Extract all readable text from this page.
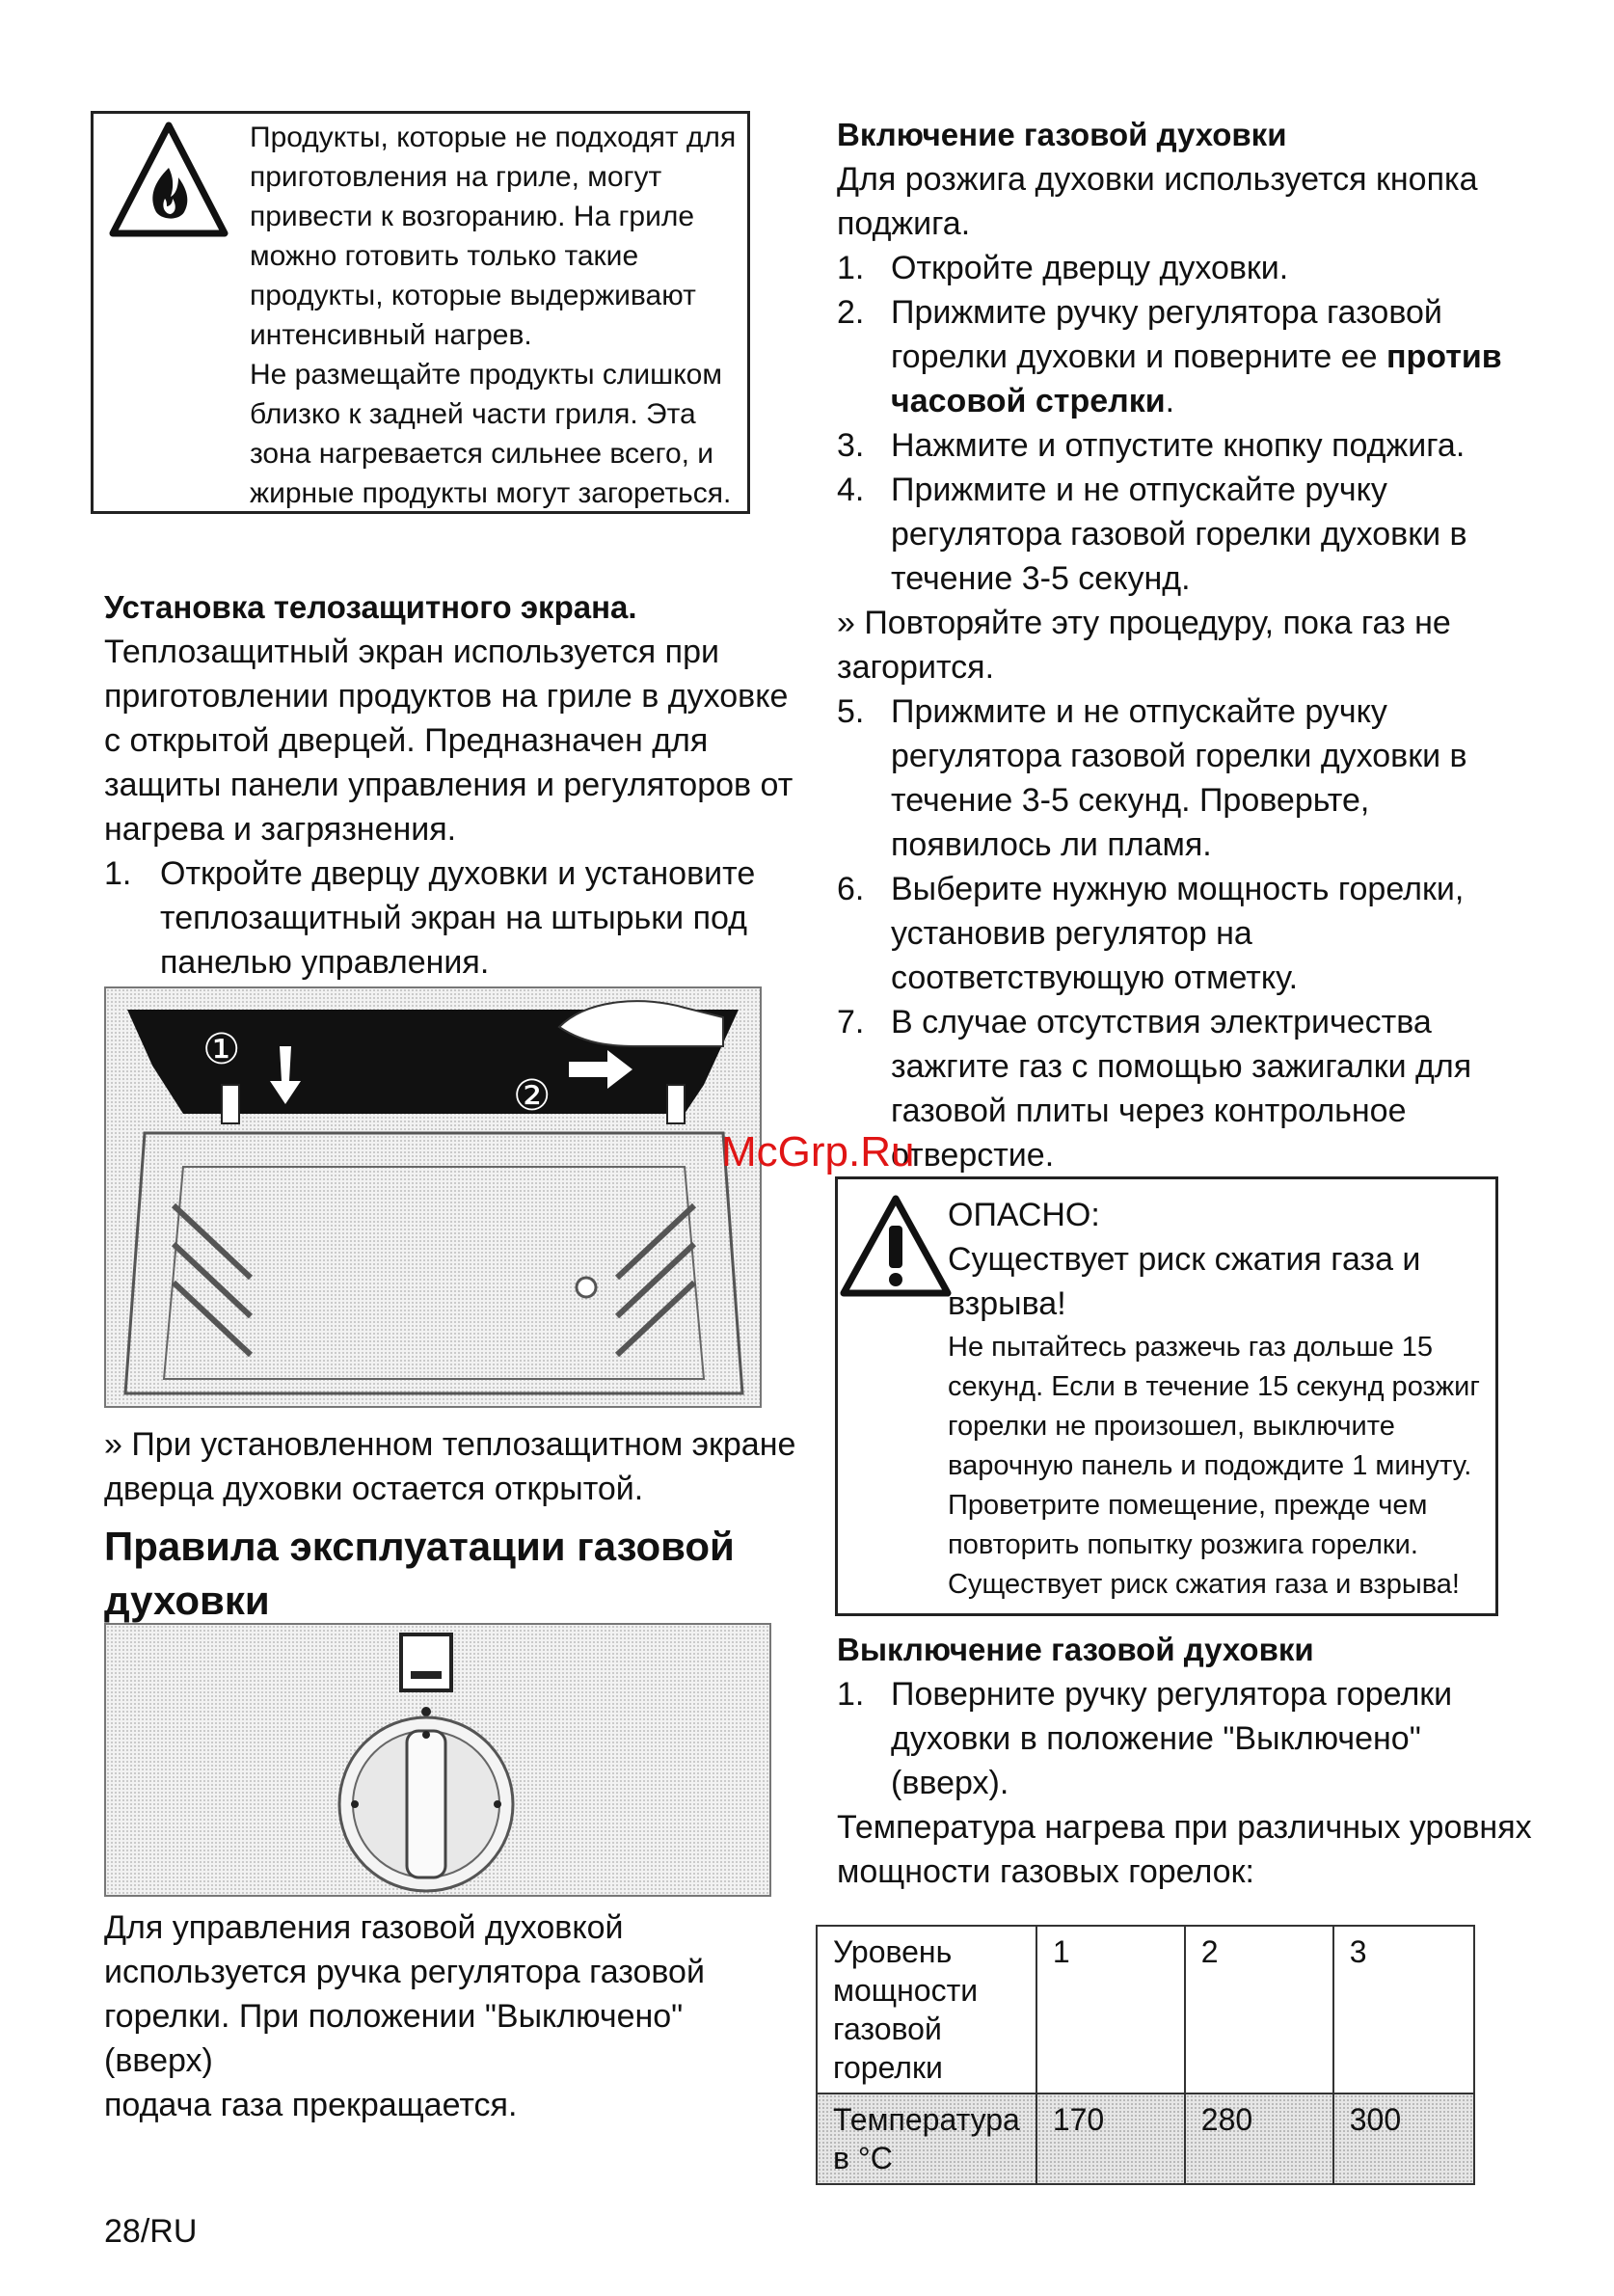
Продукты, которые не подходят для
приготовления на гриле, могут
привести к возгоранию. На гриле
можно готовить только такие
продукты, которые выдерживают
интенсивный нагрев.
Не размещайте продукты слишком
близко к задней части гриля. Эта
зона нагревается сильнее всего, и
жирные продукты могут загореться.
Установка телозащитного экрана.
Теплозащитный экран используется при
приготовлении продуктов на гриле в духовке
с открытой дверцей. Предназначен для
защиты панели управления и регуляторов от
нагрева и загрязнения.
1. Откройте дверцу духовки и установите
теплозащитный экран на штырьки под
панелью управления.
①
②
» При установленном теплозащитном экране
дверца духовки остается открытой.
Правила эксплуатации газовой
духовки
Для управления газовой духовкой
используется ручка регулятора газовой
горелки. При положении "Выключено" (вверх)
подача газа прекращается.
28/RU
Включение газовой духовки
Для розжига духовки используется кнопка
поджига.
1. Откройте дверцу духовки.
2. Прижмите ручку регулятора газовой
горелки духовки и поверните ее против
часовой стрелки.
3. Нажмите и отпустите кнопку поджига.
4. Прижмите и не отпускайте ручку
регулятора газовой горелки духовки в
течение 3-5 секунд.
» Повторяйте эту процедуру, пока газ не
загорится.
5. Прижмите и не отпускайте ручку
регулятора газовой горелки духовки в
течение 3-5 секунд. Проверьте,
появилось ли пламя.
6. Выберите нужную мощность горелки,
установив регулятор на
соответствующую отметку.
7. В случае отсутствия электричества
зажгите газ с помощью зажигалки для
газовой плиты через контрольное
отверстие.
McGrp.Ru
ОПАСНО:
Существует риск сжатия газа и
взрыва!
Не пытайтесь разжечь газ дольше 15
секунд. Если в течение 15 секунд розжиг
горелки не произошел, выключите
варочную панель и подождите 1 минуту.
Проветрите помещение, прежде чем
повторить попытку розжига горелки.
Существует риск сжатия газа и взрыва!
Выключение газовой духовки
1. Поверните ручку регулятора горелки
духовки в положение "Выключено"
(вверх).
Температура нагрева при различных уровнях
мощности газовых горелок:
Уровень
мощности
газовой
горелки	1	2	3

Температура
в °C	170	280	300
